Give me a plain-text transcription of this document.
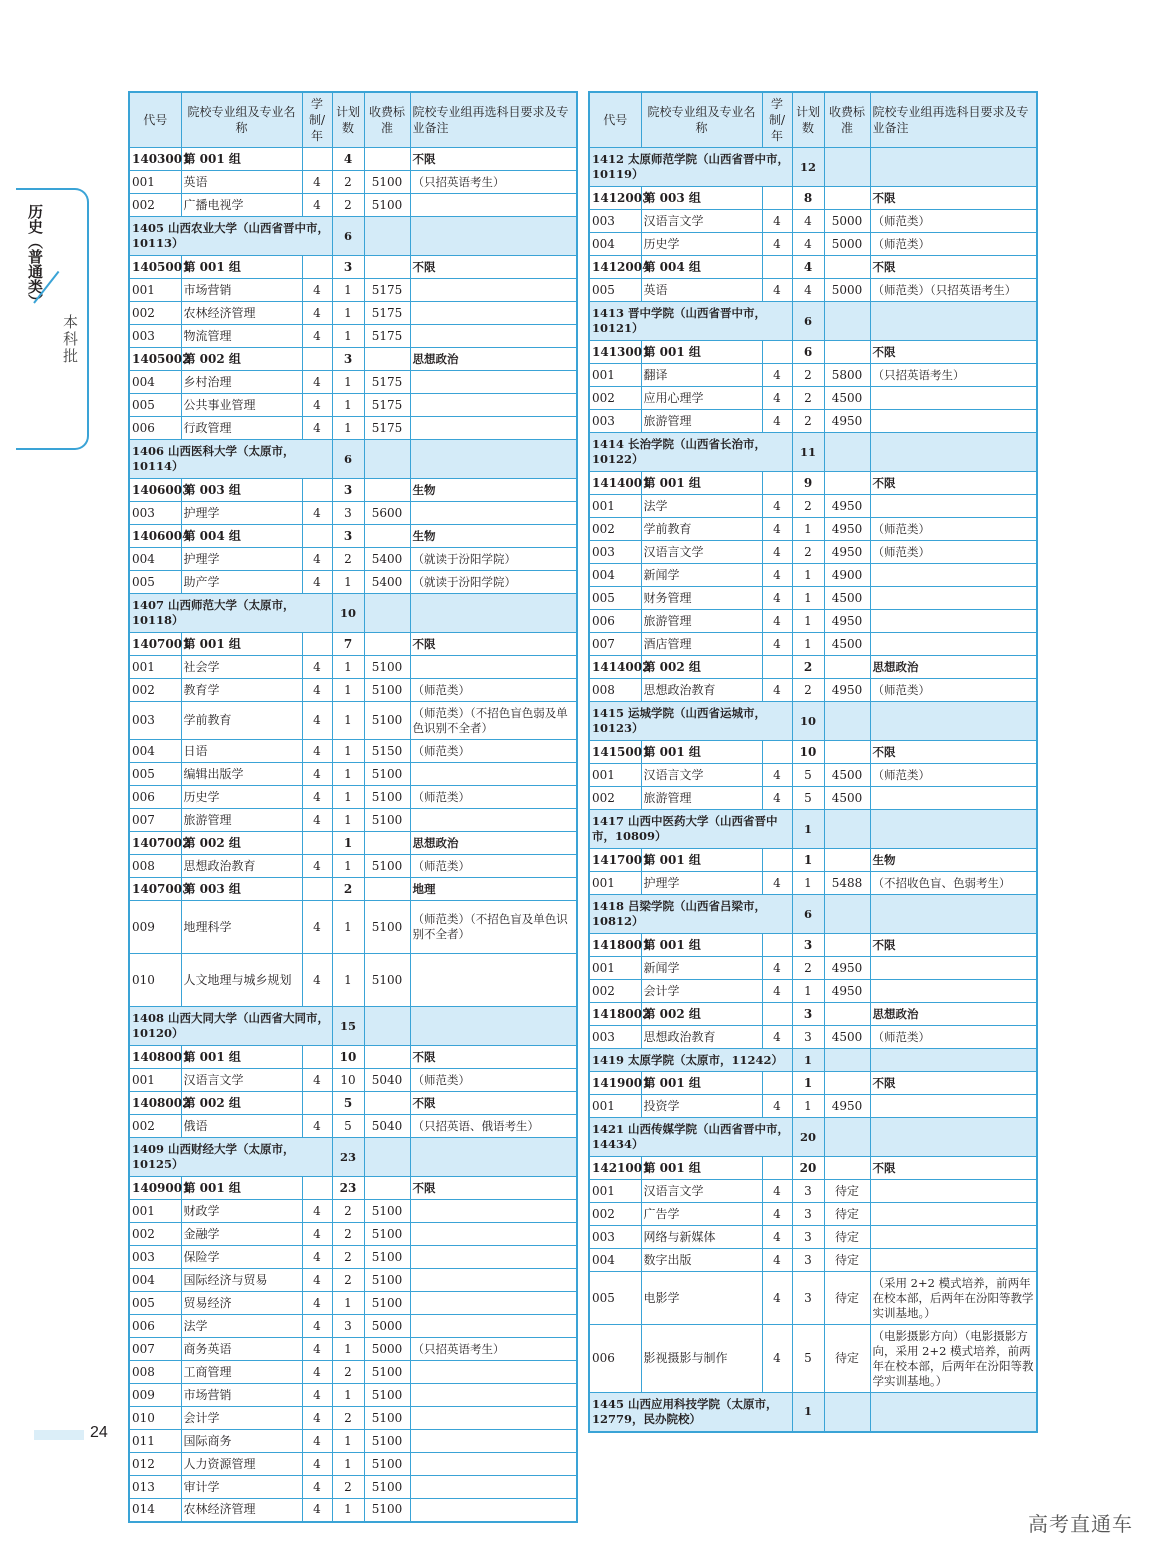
历史（普通类）
本科批
代号	院校专业组及专业名称	学制/年	计划数	收费标准	院校专业组再选科目要求及专业备注
1403001	第 001 组		4		不限
001	英语	4	2	5100	（只招英语考生）
002	广播电视学	4	2	5100	
1405 山西农业大学（山西省晋中市，10113）			6		
1405001	第 001 组		3		不限
001	市场营销	4	1	5175	
002	农林经济管理	4	1	5175	
003	物流管理	4	1	5175	
1405002	第 002 组		3		思想政治
004	乡村治理	4	1	5175	
005	公共事业管理	4	1	5175	
006	行政管理	4	1	5175	
1406 山西医科大学（太原市，10114）			6		
1406003	第 003 组		3		生物
003	护理学	4	3	5600	
1406004	第 004 组		3		生物
004	护理学	4	2	5400	（就读于汾阳学院）
005	助产学	4	1	5400	（就读于汾阳学院）
1407 山西师范大学（太原市，10118）			10		
1407001	第 001 组		7		不限
001	社会学	4	1	5100	
002	教育学	4	1	5100	（师范类）
003	学前教育	4	1	5100	（师范类）（不招色盲色弱及单色识别不全者）
004	日语	4	1	5150	（师范类）
005	编辑出版学	4	1	5100	
006	历史学	4	1	5100	（师范类）
007	旅游管理	4	1	5100	
1407002	第 002 组		1		思想政治
008	思想政治教育	4	1	5100	（师范类）
1407003	第 003 组		2		地理
009	地理科学	4	1	5100	（师范类）（不招色盲及单色识别不全者）
010	人文地理与城乡规划	4	1	5100	
1408 山西大同大学（山西省大同市，10120）			15		
1408001	第 001 组		10		不限
001	汉语言文学	4	10	5040	（师范类）
1408002	第 002 组		5		不限
002	俄语	4	5	5040	（只招英语、俄语考生）
1409 山西财经大学（太原市，10125）			23		
1409001	第 001 组		23		不限
001	财政学	4	2	5100	
002	金融学	4	2	5100	
003	保险学	4	2	5100	
004	国际经济与贸易	4	2	5100	
005	贸易经济	4	1	5100	
006	法学	4	3	5000	
007	商务英语	4	1	5000	（只招英语考生）
008	工商管理	4	2	5100	
009	市场营销	4	1	5100	
010	会计学	4	2	5100	
011	国际商务	4	1	5100	
012	人力资源管理	4	1	5100	
013	审计学	4	2	5100	
014	农林经济管理	4	1	5100	
代号	院校专业组及专业名称	学制/年	计划数	收费标准	院校专业组再选科目要求及专业备注
1412 太原师范学院（山西省晋中市，10119）			12		
1412003	第 003 组		8		不限
003	汉语言文学	4	4	5000	（师范类）
004	历史学	4	4	5000	（师范类）
1412004	第 004 组		4		不限
005	英语	4	4	5000	（师范类）（只招英语考生）
1413 晋中学院（山西省晋中市，10121）			6		
1413001	第 001 组		6		不限
001	翻译	4	2	5800	（只招英语考生）
002	应用心理学	4	2	4500	
003	旅游管理	4	2	4950	
1414 长治学院（山西省长治市，10122）			11		
1414001	第 001 组		9		不限
001	法学	4	2	4950	
002	学前教育	4	1	4950	（师范类）
003	汉语言文学	4	2	4950	（师范类）
004	新闻学	4	1	4900	
005	财务管理	4	1	4500	
006	旅游管理	4	1	4950	
007	酒店管理	4	1	4500	
1414002	第 002 组		2		思想政治
008	思想政治教育	4	2	4950	（师范类）
1415 运城学院（山西省运城市，10123）			10		
1415001	第 001 组		10		不限
001	汉语言文学	4	5	4500	（师范类）
002	旅游管理	4	5	4500	
1417 山西中医药大学（山西省晋中市，10809）			1		
1417001	第 001 组		1		生物
001	护理学	4	1	5488	（不招收色盲、色弱考生）
1418 吕梁学院（山西省吕梁市，10812）			6		
1418001	第 001 组		3		不限
001	新闻学	4	2	4950	
002	会计学	4	1	4950	
1418002	第 002 组		3		思想政治
003	思想政治教育	4	3	4500	（师范类）
1419 太原学院（太原市，11242）			1		
1419001	第 001 组		1		不限
001	投资学	4	1	4950	
1421 山西传媒学院（山西省晋中市，14434）			20		
1421001	第 001 组		20		不限
001	汉语言文学	4	3	待定	
002	广告学	4	3	待定	
003	网络与新媒体	4	3	待定	
004	数字出版	4	3	待定	
005	电影学	4	3	待定	（采用 2+2 模式培养，前两年在校本部，后两年在汾阳等教学实训基地。）
006	影视摄影与制作	4	5	待定	（电影摄影方向）（电影摄影方向，采用 2+2 模式培养，前两年在校本部，后两年在汾阳等教学实训基地。）
1445 山西应用科技学院（太原市，12779，民办院校）			1		
24
高考直通车
